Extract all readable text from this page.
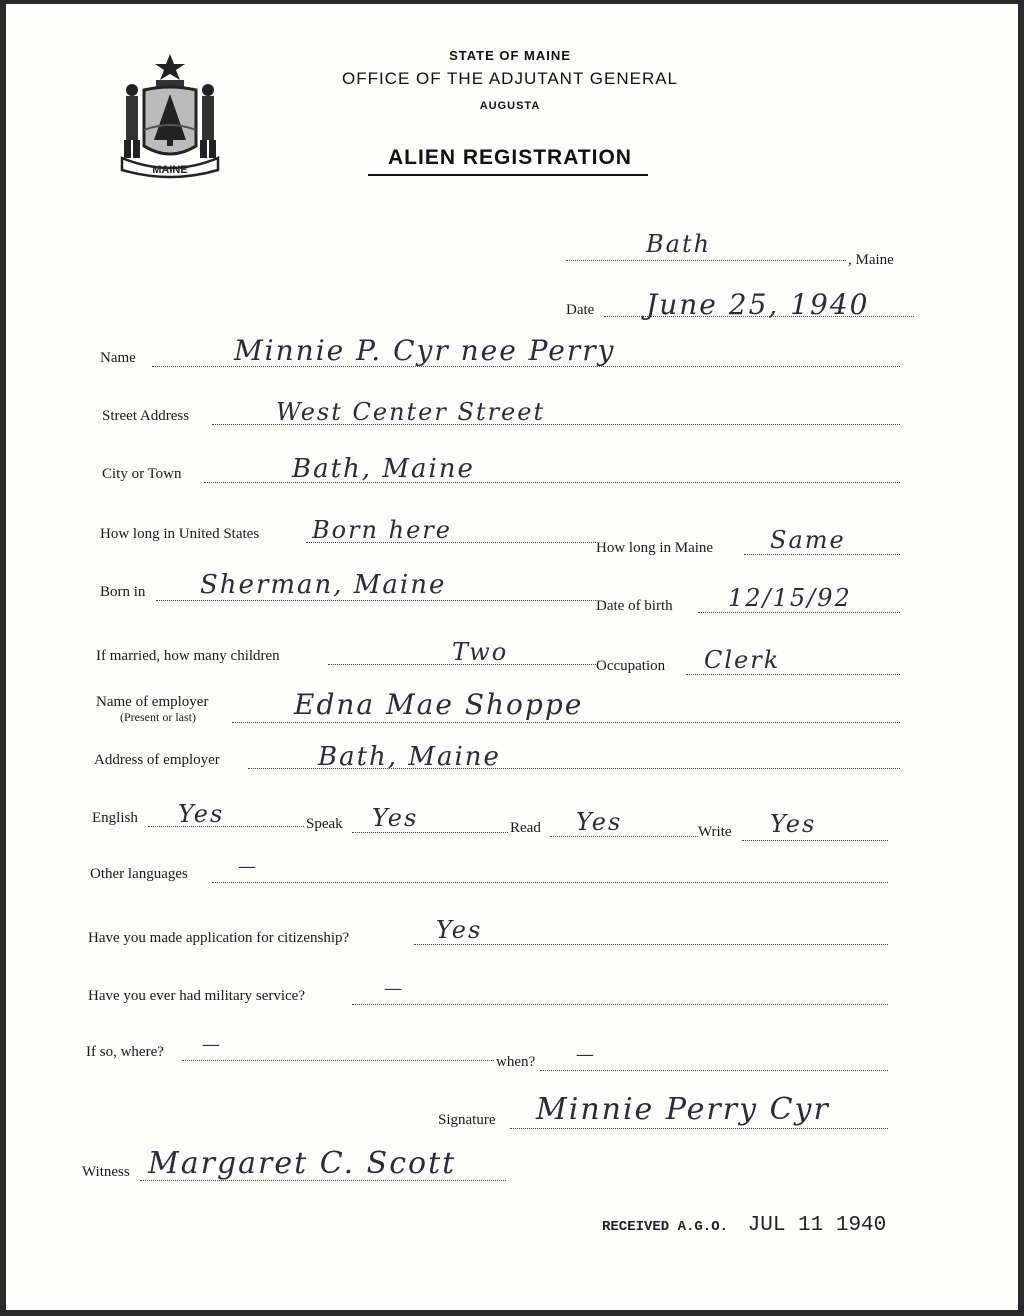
MAINE
STATE OF MAINE
OFFICE OF THE ADJUTANT GENERAL
AUGUSTA
ALIEN REGISTRATION
Bath
, Maine
Date June 25, 1940
Name	Minnie P. Cyr nee Perry
Street Address	West Center Street
City or Town	Bath, Maine
How long in United States Born here
How long in Maine Same
Born in Sherman, Maine
Date of birth 12/15/92
If married, how many children	Two	Occupation Clerk
Name of employer
(Present or last)	Edna Mae Shoppe
Address of employer	Bath, Maine
English Yes	Speak Yes	Read Yes	Write Yes
Other languages	—
Have you made application for citizenship?	Yes
Have you ever had military service?	—
If so, where? —
when? —
Signature Minnie Perry Cyr
Witness Margaret C. Scott
RECEIVED A.G.O. JUL 11 1940
